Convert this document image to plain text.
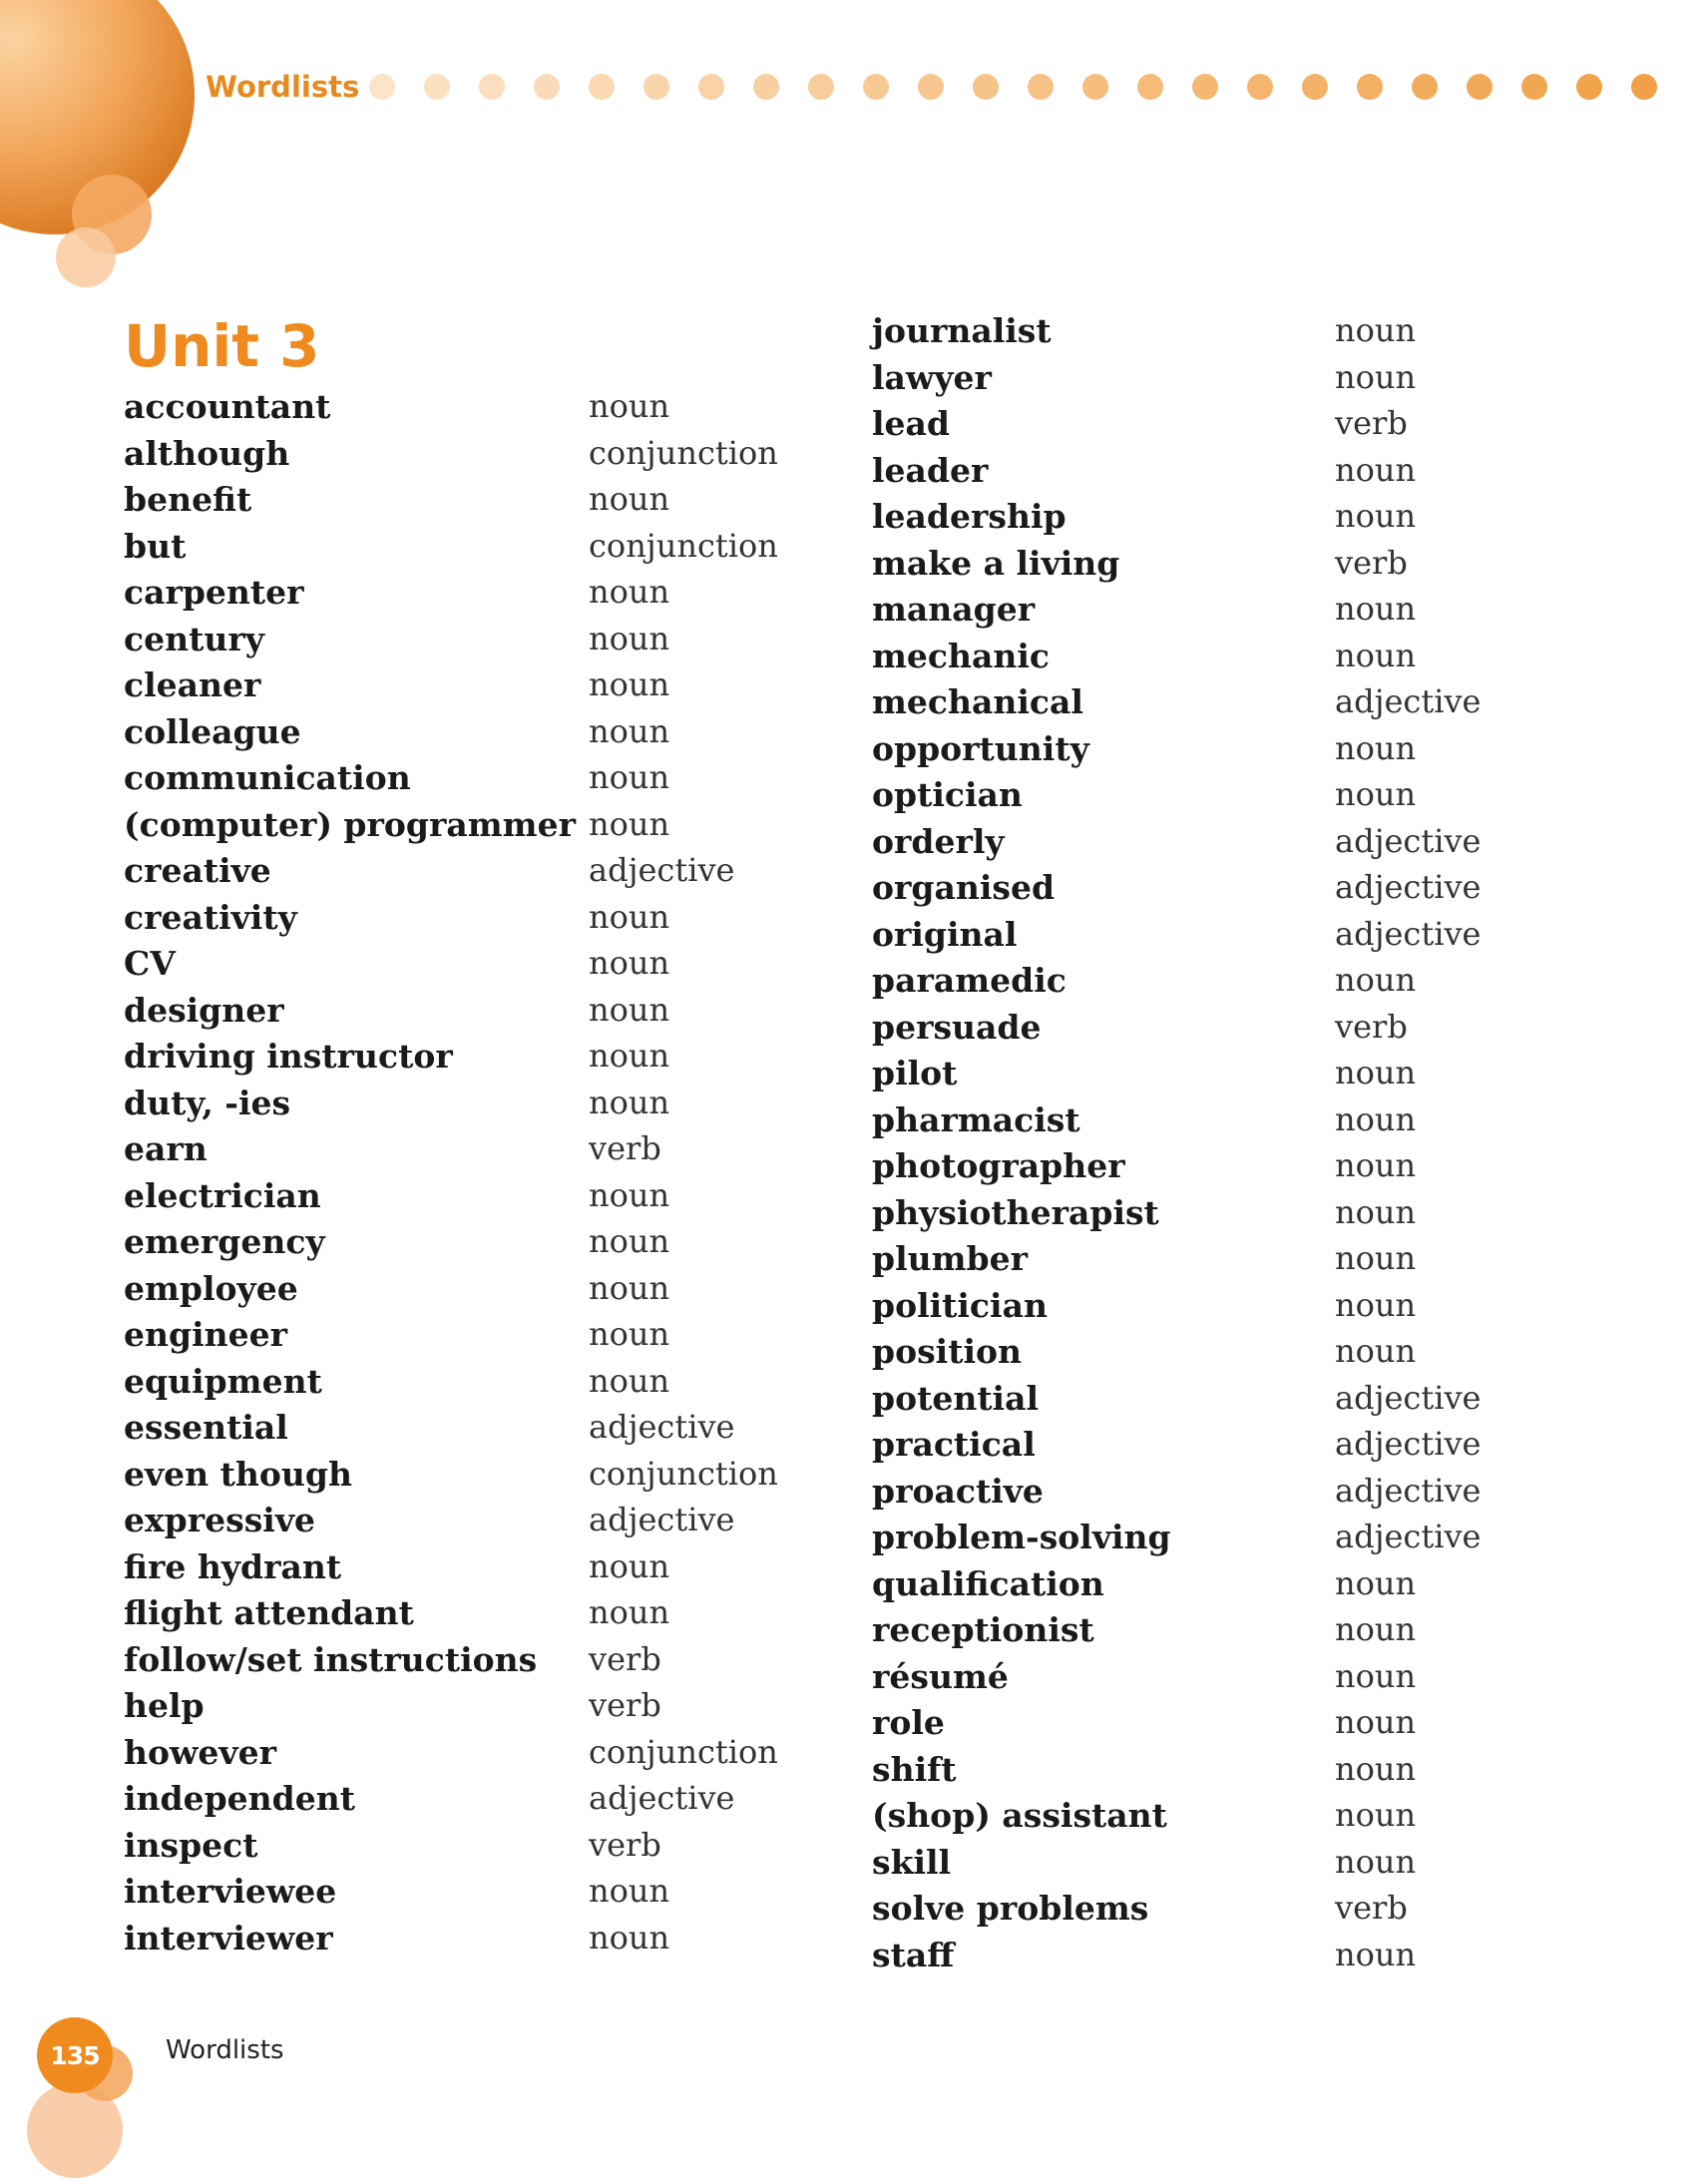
Wordlists
Unit 3
accountant	noun
although	conjunction
benefit	noun
but	conjunction
carpenter	noun
century	noun
cleaner	noun
colleague	noun
communication	noun
(computer) programmer noun
creative	adjective
creativity	noun
CV	noun
designer	noun
driving instructor	noun
duty, -ies	noun
earn	verb
electrician	noun
emergency	noun
employee	noun
engineer	noun
equipment	noun
essential	adjective
even though	conjunction
expressive	adjective
fire hydrant	noun
flight attendant	noun
follow/set instructions verb
help	verb
however	conjunction
independent	adjective
inspect	verb
interviewee	noun
interviewer	noun
journalist	noun
lawyer	noun
lead	verb
leader	noun
leadership	noun
make a living	verb
manager	noun
mechanic	noun
mechanical	adjective
opportunity	noun
optician	noun
orderly	adjective
organised	adjective
original	adjective
paramedic	noun
persuade	verb
pilot	noun
pharmacist	noun
photographer	noun
physiotherapist	noun
plumber	noun
politician	noun
position	noun
potential	adjective
practical	adjective
proactive	adjective
problem-solving	adjective
qualification	noun
receptionist	noun
résumé	noun
role	noun
shift	noun
(shop) assistant	noun
skill	noun
solve problems	verb
staff	noun
135	Wordlists
